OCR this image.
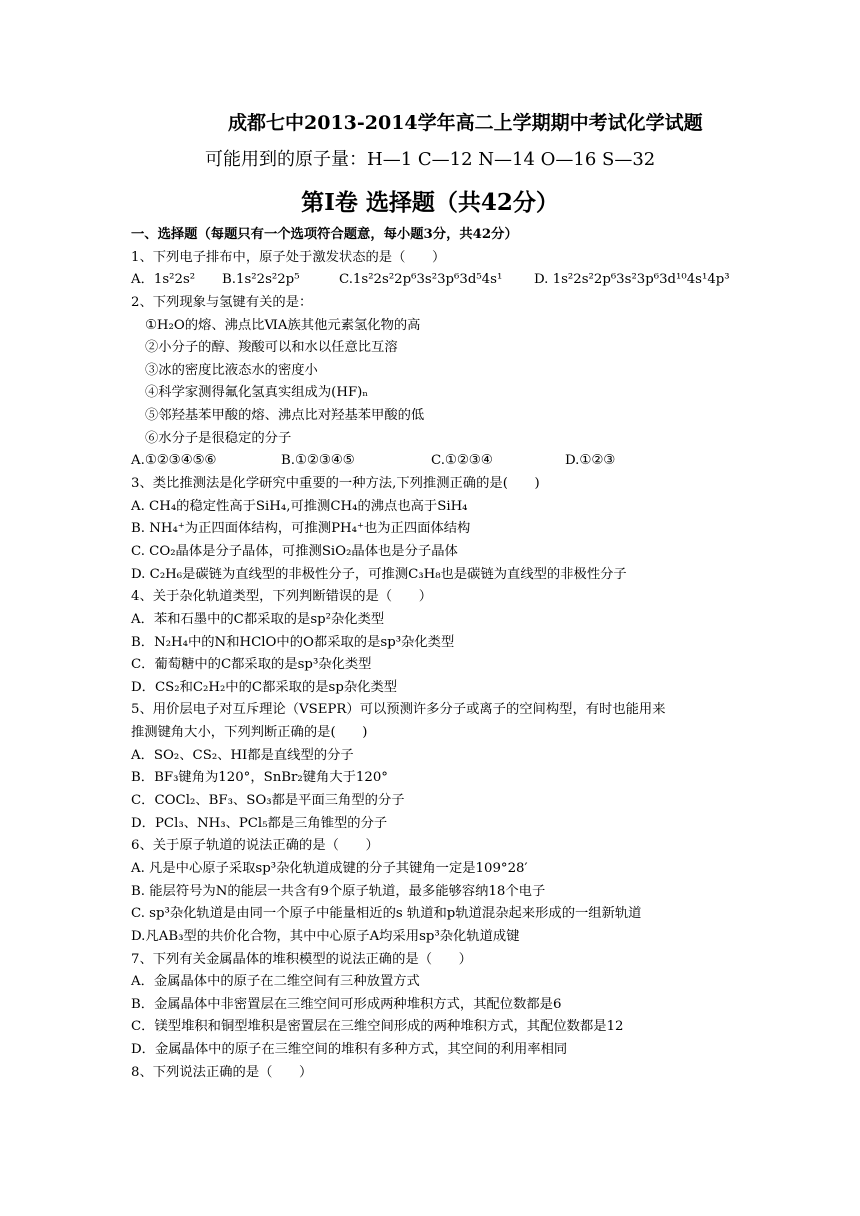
成都七中2013-2014学年高二上学期期中考试化学试题
可能用到的原子量：H—1 C—12 N—14 O—16 S—32
第Ⅰ卷 选择题（共42分）
一、选择题（每题只有一个选项符合题意，每小题3分，共42分）
1、下列电子排布中，原子处于激发状态的是（　　）
A．1s²2s²	B.1s²2s²2p⁵	C.1s²2s²2p⁶3s²3p⁶3d⁵4s¹	D. 1s²2s²2p⁶3s²3p⁶3d¹⁰4s¹4p³
2、下列现象与氢键有关的是：
①H₂O的熔、沸点比ⅥA族其他元素氢化物的高
②小分子的醇、羧酸可以和水以任意比互溶
③冰的密度比液态水的密度小
④科学家测得氟化氢真实组成为(HF)ₙ
⑤邻羟基苯甲酸的熔、沸点比对羟基苯甲酸的低
⑥水分子是很稳定的分子
A.①②③④⑤⑥	B.①②③④⑤	C.①②③④	D.①②③
3、类比推测法是化学研究中重要的一种方法,下列推测正确的是(　　)
A. CH₄的稳定性高于SiH₄,可推测CH₄的沸点也高于SiH₄
B. NH₄⁺为正四面体结构，可推测PH₄⁺也为正四面体结构
C. CO₂晶体是分子晶体，可推测SiO₂晶体也是分子晶体
D. C₂H₆是碳链为直线型的非极性分子，可推测C₃H₈也是碳链为直线型的非极性分子
4、关于杂化轨道类型，下列判断错误的是（　　）
A．苯和石墨中的C都采取的是sp²杂化类型
B．N₂H₄中的N和HClO中的O都采取的是sp³杂化类型
C．葡萄糖中的C都采取的是sp³杂化类型
D．CS₂和C₂H₂中的C都采取的是sp杂化类型
5、用价层电子对互斥理论（VSEPR）可以预测许多分子或离子的空间构型，有时也能用来
推测键角大小，下列判断正确的是(　　)
A．SO₂、CS₂、HI都是直线型的分子
B．BF₃键角为120°，SnBr₂键角大于120°
C．COCl₂、BF₃、SO₃都是平面三角型的分子
D．PCl₃、NH₃、PCl₅都是三角锥型的分子
6、关于原子轨道的说法正确的是（　　）
A. 凡是中心原子采取sp³杂化轨道成键的分子其键角一定是109°28′
B. 能层符号为N的能层一共含有9个原子轨道，最多能够容纳18个电子
C. sp³杂化轨道是由同一个原子中能量相近的s 轨道和p轨道混杂起来形成的一组新轨道
D.凡AB₃型的共价化合物，其中中心原子A均采用sp³杂化轨道成键
7、下列有关金属晶体的堆积模型的说法正确的是（　　）
A．金属晶体中的原子在二维空间有三种放置方式
B．金属晶体中非密置层在三维空间可形成两种堆积方式，其配位数都是6
C．镁型堆积和铜型堆积是密置层在三维空间形成的两种堆积方式，其配位数都是12
D．金属晶体中的原子在三维空间的堆积有多种方式，其空间的利用率相同
8、下列说法正确的是（　　）
